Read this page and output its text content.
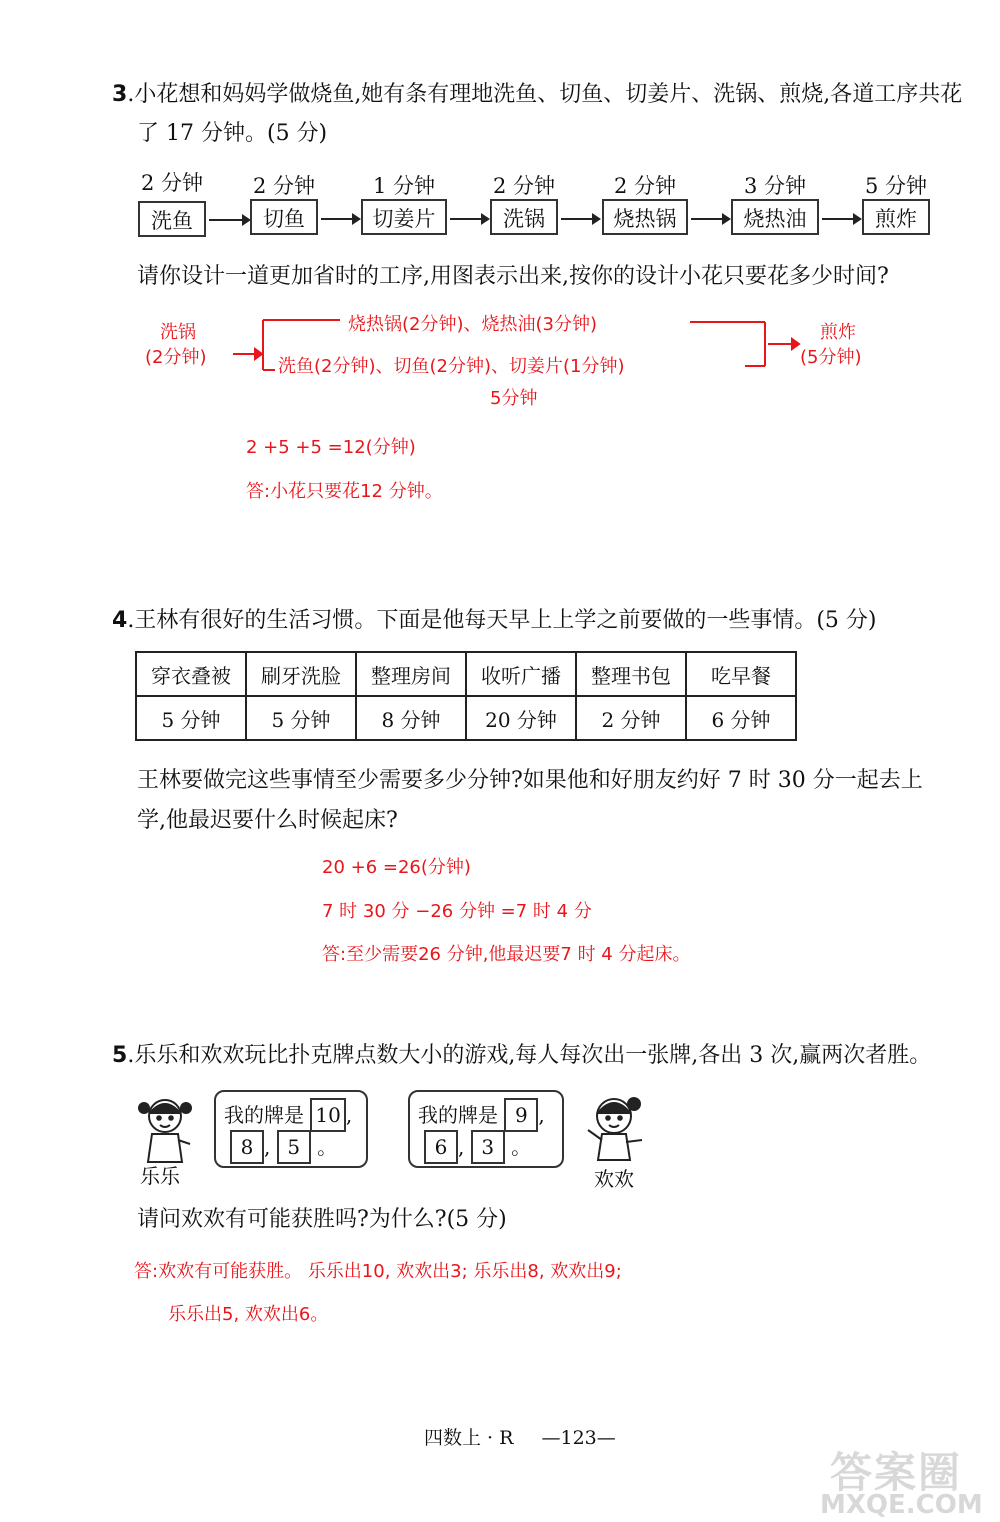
3.小花想和妈妈学做烧鱼,她有条有理地洗鱼、切鱼、切姜片、洗锅、煎烧,各道工序共花
了 17 分钟。(5 分)
2 分钟
洗鱼
2 分钟
切鱼
1 分钟
切姜片
2 分钟
洗锅
2 分钟
烧热锅
3 分钟
烧热油
5 分钟
煎炸
请你设计一道更加省时的工序,用图表示出来,按你的设计小花只要花多少时间?
洗锅
(2分钟)
烧热锅(2分钟)、烧热油(3分钟)
洗鱼(2分钟)、切鱼(2分钟)、切姜片(1分钟)
5分钟
煎炸
(5分钟)
2 +5 +5 =12(分钟)
答:小花只要花12 分钟。
4.王林有很好的生活习惯。下面是他每天早上上学之前要做的一些事情。(5 分)
穿衣叠被	刷牙洗脸	整理房间	收听广播	整理书包	吃早餐
5 分钟	5 分钟	8 分钟	20 分钟	2 分钟	6 分钟
王林要做完这些事情至少需要多少分钟?如果他和好朋友约好 7 时 30 分一起去上
学,他最迟要什么时候起床?
20 +6 =26(分钟)
7 时 30 分 −26 分钟 =7 时 4 分
答:至少需要26 分钟,他最迟要7 时 4 分起床。
5.乐乐和欢欢玩比扑克牌点数大小的游戏,每人每次出一张牌,各出 3 次,赢两次者胜。
乐乐
我的牌是 10 ,
8 , 5 。
我的牌是 9 ,
6 , 3 。
欢欢
请问欢欢有可能获胜吗?为什么?(5 分)
答:欢欢有可能获胜。 乐乐出10, 欢欢出3; 乐乐出8, 欢欢出9;
乐乐出5, 欢欢出6。
四数上 · R —123—
答案圈
MXQE.COM
